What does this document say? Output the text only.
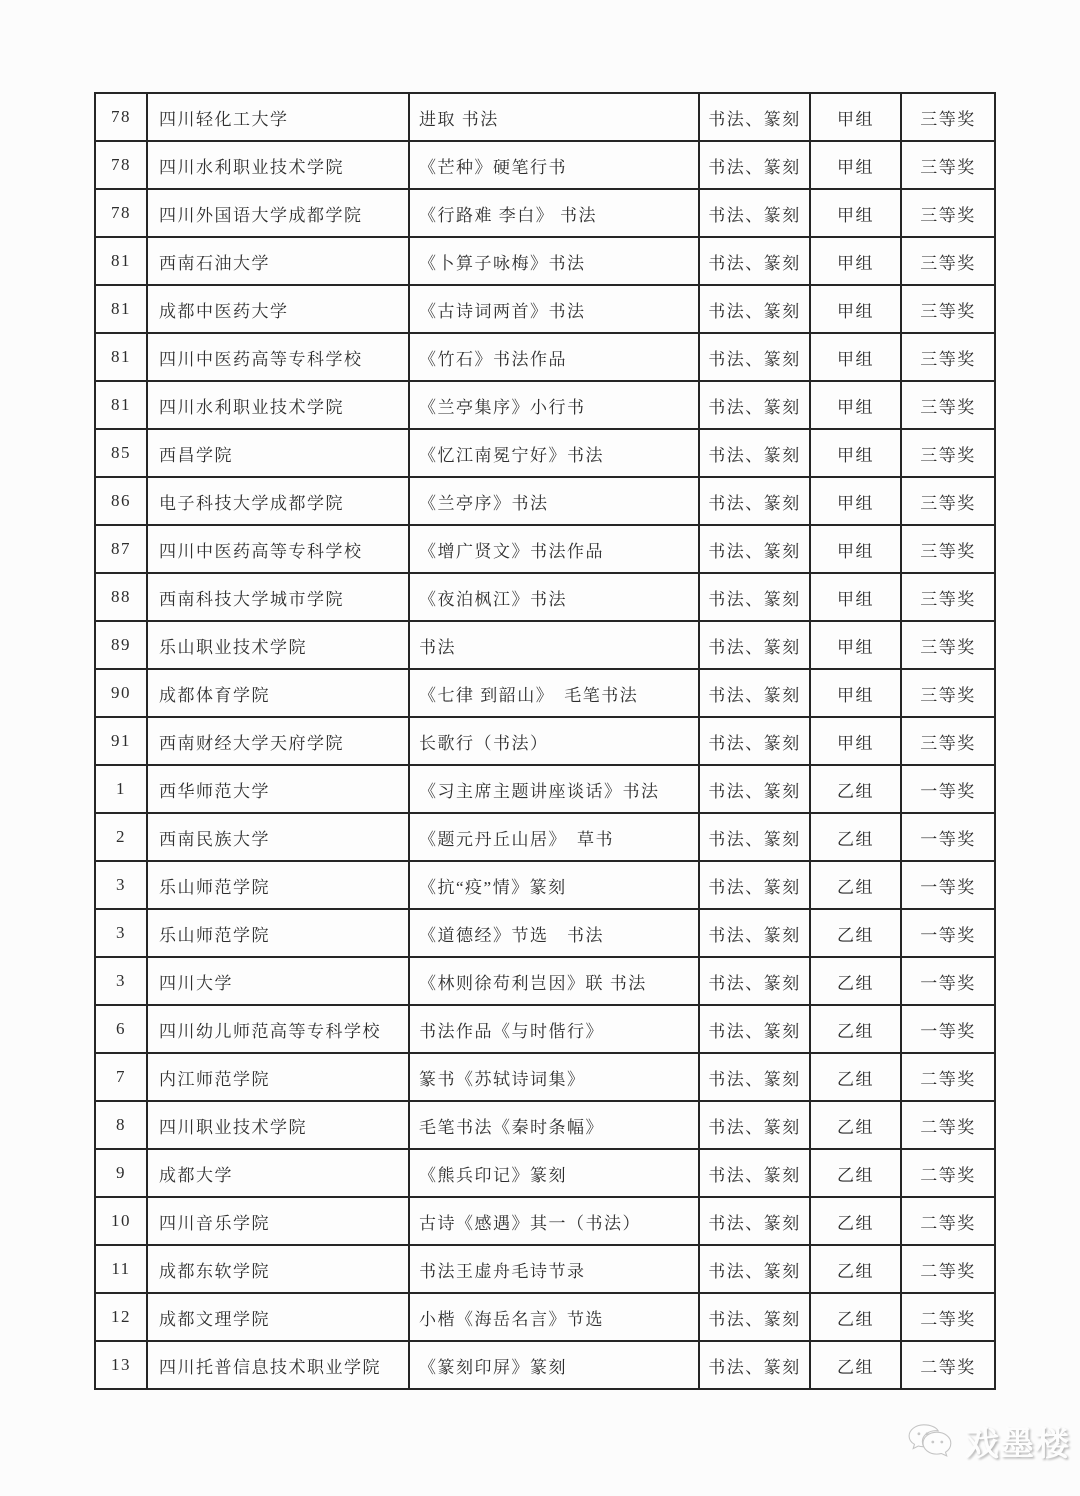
78	四川轻化工大学	进取 书法	书法、篆刻	甲组	三等奖
78	四川水利职业技术学院	《芒种》硬笔行书	书法、篆刻	甲组	三等奖
78	四川外国语大学成都学院	《行路难 李白》 书法	书法、篆刻	甲组	三等奖
81	西南石油大学	《卜算子咏梅》书法	书法、篆刻	甲组	三等奖
81	成都中医药大学	《古诗词两首》书法	书法、篆刻	甲组	三等奖
81	四川中医药高等专科学校	《竹石》书法作品	书法、篆刻	甲组	三等奖
81	四川水利职业技术学院	《兰亭集序》小行书	书法、篆刻	甲组	三等奖
85	西昌学院	《忆江南冕宁好》书法	书法、篆刻	甲组	三等奖
86	电子科技大学成都学院	《兰亭序》书法	书法、篆刻	甲组	三等奖
87	四川中医药高等专科学校	《增广贤文》书法作品	书法、篆刻	甲组	三等奖
88	西南科技大学城市学院	《夜泊枫江》书法	书法、篆刻	甲组	三等奖
89	乐山职业技术学院	书法	书法、篆刻	甲组	三等奖
90	成都体育学院	《七律 到韶山》　毛笔书法	书法、篆刻	甲组	三等奖
91	西南财经大学天府学院	长歌行（书法）	书法、篆刻	甲组	三等奖
1	西华师范大学	《习主席主题讲座谈话》书法	书法、篆刻	乙组	一等奖
2	西南民族大学	《题元丹丘山居》　草书	书法、篆刻	乙组	一等奖
3	乐山师范学院	《抗“疫”情》篆刻	书法、篆刻	乙组	一等奖
3	乐山师范学院	《道德经》节选　书法	书法、篆刻	乙组	一等奖
3	四川大学	《林则徐苟利岂因》联 书法	书法、篆刻	乙组	一等奖
6	四川幼儿师范高等专科学校	书法作品《与时偕行》	书法、篆刻	乙组	一等奖
7	内江师范学院	篆书《苏轼诗词集》	书法、篆刻	乙组	二等奖
8	四川职业技术学院	毛笔书法《秦时条幅》	书法、篆刻	乙组	二等奖
9	成都大学	《熊兵印记》篆刻	书法、篆刻	乙组	二等奖
10	四川音乐学院	古诗《感遇》其一（书法）	书法、篆刻	乙组	二等奖
11	成都东软学院	书法王虚舟毛诗节录	书法、篆刻	乙组	二等奖
12	成都文理学院	小楷《海岳名言》节选	书法、篆刻	乙组	二等奖
13	四川托普信息技术职业学院	《篆刻印屏》篆刻	书法、篆刻	乙组	二等奖
戏墨楼
